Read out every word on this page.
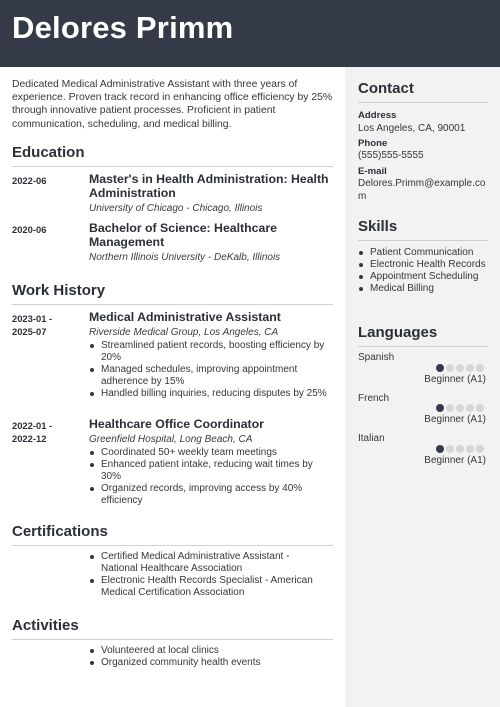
Delores Primm

Dedicated Medical Administrative Assistant with three years of experience. Proven track record in enhancing office efficiency by 25% through innovative patient processes. Proficient in patient communication, scheduling, and medical billing.

Education
2022-06	Master's in Health Administration: Health Administration
University of Chicago - Chicago, Illinois
2020-06	Bachelor of Science: Healthcare Management
Northern Illinois University - DeKalb, Illinois
Work History
2023-01 -
2025-07
Medical Administrative Assistant
Riverside Medical Group, Los Angeles, CA
Streamlined patient records, boosting efficiency by 20%
Managed schedules, improving appointment adherence by 15%
Handled billing inquiries, reducing disputes by 25%
2022-01 -
2022-12
Healthcare Office Coordinator
Greenfield Hospital, Long Beach, CA
Coordinated 50+ weekly team meetings
Enhanced patient intake, reducing wait times by 30%
Organized records, improving access by 40% efficiency
Certifications
Certified Medical Administrative Assistant - National Healthcare Association
Electronic Health Records Specialist - American Medical Certification Association
Activities
Volunteered at local clinics
Organized community health events
Contact
Address
Los Angeles, CA, 90001
Phone
(555)555-5555
E-mail
Delores.Primm@example.com
Skills
Patient Communication
Electronic Health Records
Appointment Scheduling
Medical Billing
Languages
Spanish
Beginner (A1)
French
Beginner (A1)
Italian
Beginner (A1)
